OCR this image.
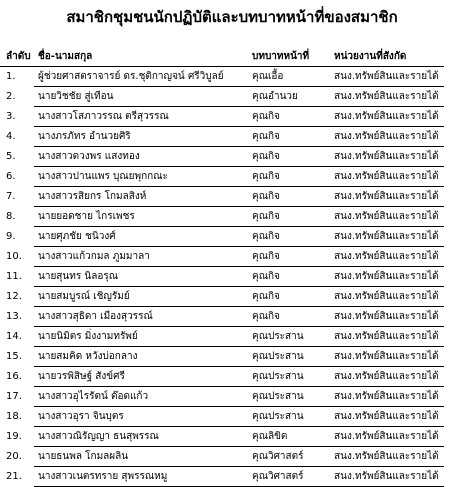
สมาชิกชุมชนนักปฏิบัติและบทบาทหน้าที่ของสมาชิก
ลำดับ	ชื่อ-นามสกุล	บทบาทหน้าที่	หน่วยงานที่สังกัด
1.	ผู้ช่วยศาสตราจารย์ ดร.ชุติกาญจน์ ศรีวิบูลย์	คุณเอื้อ	สนง.ทรัพย์สินและรายได้
2.	นายวิชชัย สู่เทือน	คุณอำนวย	สนง.ทรัพย์สินและรายได้
3.	นางสาวโสภาวรรณ ตรีสุวรรณ	คุณกิจ	สนง.ทรัพย์สินและรายได้
4.	นางภรภัทร อำนวยศิริ	คุณกิจ	สนง.ทรัพย์สินและรายได้
5.	นางสาวดวงพร แสงทอง	คุณกิจ	สนง.ทรัพย์สินและรายได้
6.	นางสาวปานแพร บุณยพุกกณะ	คุณกิจ	สนง.ทรัพย์สินและรายได้
7.	นางสาวรสิยกร โกมลสิงห์	คุณกิจ	สนง.ทรัพย์สินและรายได้
8.	นายยอดชาย ไกรเพชร	คุณกิจ	สนง.ทรัพย์สินและรายได้
9.	นายศุภชัย ชนิวงศ์	คุณกิจ	สนง.ทรัพย์สินและรายได้
10.	นางสาวแก้วกมล ภูมมาลา	คุณกิจ	สนง.ทรัพย์สินและรายได้
11.	นายสุนทร นิลอรุณ	คุณกิจ	สนง.ทรัพย์สินและรายได้
12.	นายสมบูรณ์ เชิญรัมย์	คุณกิจ	สนง.ทรัพย์สินและรายได้
13.	นางสาวสุธิดา เมืองสุวรรณ์	คุณกิจ	สนง.ทรัพย์สินและรายได้
14.	นายนิมิตร มิ่งงามทรัพย์	คุณประสาน	สนง.ทรัพย์สินและรายได้
15.	นายสมคิด หวังบ่อกลาง	คุณประสาน	สนง.ทรัพย์สินและรายได้
16.	นายวรพิสิษฐ์ สังข์ศรี	คุณประสาน	สนง.ทรัพย์สินและรายได้
17.	นางสาวอุไรรัตน์ ต๊อดแก้ว	คุณประสาน	สนง.ทรัพย์สินและรายได้
18.	นางสาวอุรา จินบุตร	คุณประสาน	สนง.ทรัพย์สินและรายได้
19.	นางสาวณิรัญญา ธนสุพรรณ	คุณลิขิต	สนง.ทรัพย์สินและรายได้
20.	นายธนพล โกมลผลิน	คุณวิศาสตร์	สนง.ทรัพย์สินและรายได้
21.	นางสาวเนตรทราย สุพรรณหมู	คุณวิศาสตร์	สนง.ทรัพย์สินและรายได้
